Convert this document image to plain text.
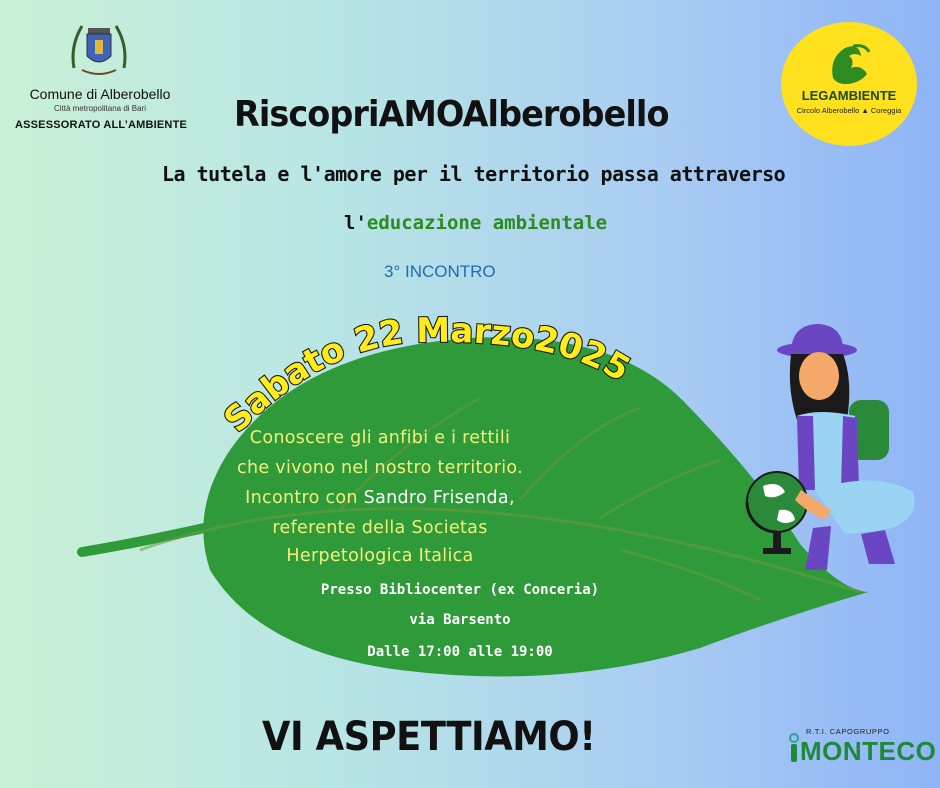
Comune di Alberobello
Città metropolitana di Bari
ASSESSORATO ALL’AMBIENTE
LEGAMBIENTE
Circolo Alberobello ▲ Coreggia
RiscopriAMOAlberobello
La tutela e l'amore per il territorio passa attraverso
l'educazione ambientale
3° INCONTRO
Sabato 22 Marzo2025
Conoscere gli anfibi e i rettili
che vivono nel nostro territorio.
Incontro con Sandro Frisenda,
referente della Societas
Herpetologica Italica
Presso Bibliocenter (ex Conceria)
via Barsento
Dalle 17:00 alle 19:00
VI ASPETTIAMO!	R.T.I. CAPOGRUPPO
MONTECO
